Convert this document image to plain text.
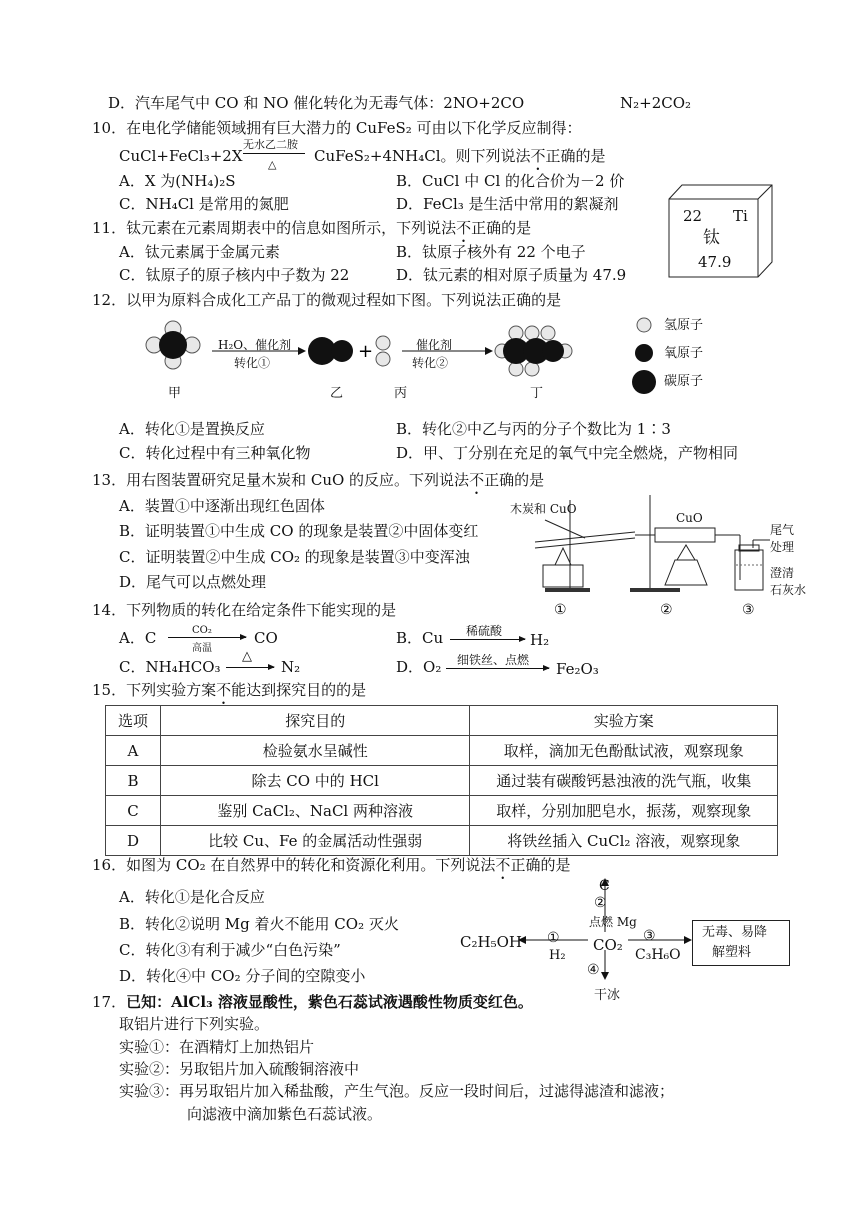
D．汽车尾气中 CO 和 NO 催化转化为无毒气体：2NO+2CO	N₂+2CO₂
10．在电化学储能领域拥有巨大潜力的 CuFeS₂ 可由以下化学反应制得：
CuCl+FeCl₃+2X
无水乙二胺
△	CuFeS₂+4NH₄Cl。则下列说法不正确的是
A．X 为(NH₄)₂S	B．CuCl 中 Cl 的化合价为－2 价
C．NH₄Cl 是常用的氮肥	D．FeCl₃ 是生活中常用的絮凝剂
22 Ti
钛
47.9
11．钛元素在元素周期表中的信息如图所示，下列说法不正确的是
A．钛元素属于金属元素	B．钛原子核外有 22 个电子
C．钛原子的原子核内中子数为 22	D．钛元素的相对原子质量为 47.9
12．以甲为原料合成化工产品丁的微观过程如下图。下列说法正确的是
+
H₂O、催化剂
转化①
催化剂
转化②
氢原子
氧原子
碳原子
甲	乙	丙	丁
A．转化①是置换反应	B．转化②中乙与丙的分子个数比为 1∶3
C．转化过程中有三种氧化物	D．甲、丁分别在充足的氧气中完全燃烧，产物相同
13．用右图装置研究足量木炭和 CuO 的反应。下列说法不正确的是
A．装置①中逐渐出现红色固体
B．证明装置①中生成 CO 的现象是装置②中固体变红
C．证明装置②中生成 CO₂ 的现象是装置③中变浑浊
D．尾气可以点燃处理
木炭和 CuO
CuO
尾气
处理
澄清
石灰水
①	②	③
14．下列物质的转化在给定条件下能实现的是
A．C	CO₂
高温
CO	B．Cu 稀硫酸 H₂
C．NH₄HCO₃
△
N₂	D．O₂ 细铁丝、点燃 Fe₂O₃
15．下列实验方案不能达到探究目的的是
选项	探究目的	实验方案
A	检验氨水呈碱性	取样，滴加无色酚酞试液，观察现象
B	除去 CO 中的 HCl	通过装有碳酸钙悬浊液的洗气瓶，收集
C	鉴别 CaCl₂、NaCl 两种溶液	取样，分别加肥皂水，振荡，观察现象
D	比较 Cu、Fe 的金属活动性强弱	将铁丝插入 CuCl₂ 溶液，观察现象
16．如图为 CO₂ 在自然界中的转化和资源化利用。下列说法不正确的是
A．转化①是化合反应
B．转化②说明 Mg 着火不能用 CO₂ 灭火
C．转化③有利于减少“白色污染”
D．转化④中 CO₂ 分子间的空隙变小
C
②
点燃 Mg
C₂H₅OH ①
H₂
CO₂ ③
C₃H₆O
④
干冰
无毒、易降
解塑料
17．已知：AlCl₃ 溶液显酸性，紫色石蕊试液遇酸性物质变红色。
取铝片进行下列实验。
实验①：在酒精灯上加热铝片
实验②：另取铝片加入硫酸铜溶液中
实验③：再另取铝片加入稀盐酸，产生气泡。反应一段时间后，过滤得滤渣和滤液；
向滤液中滴加紫色石蕊试液。
